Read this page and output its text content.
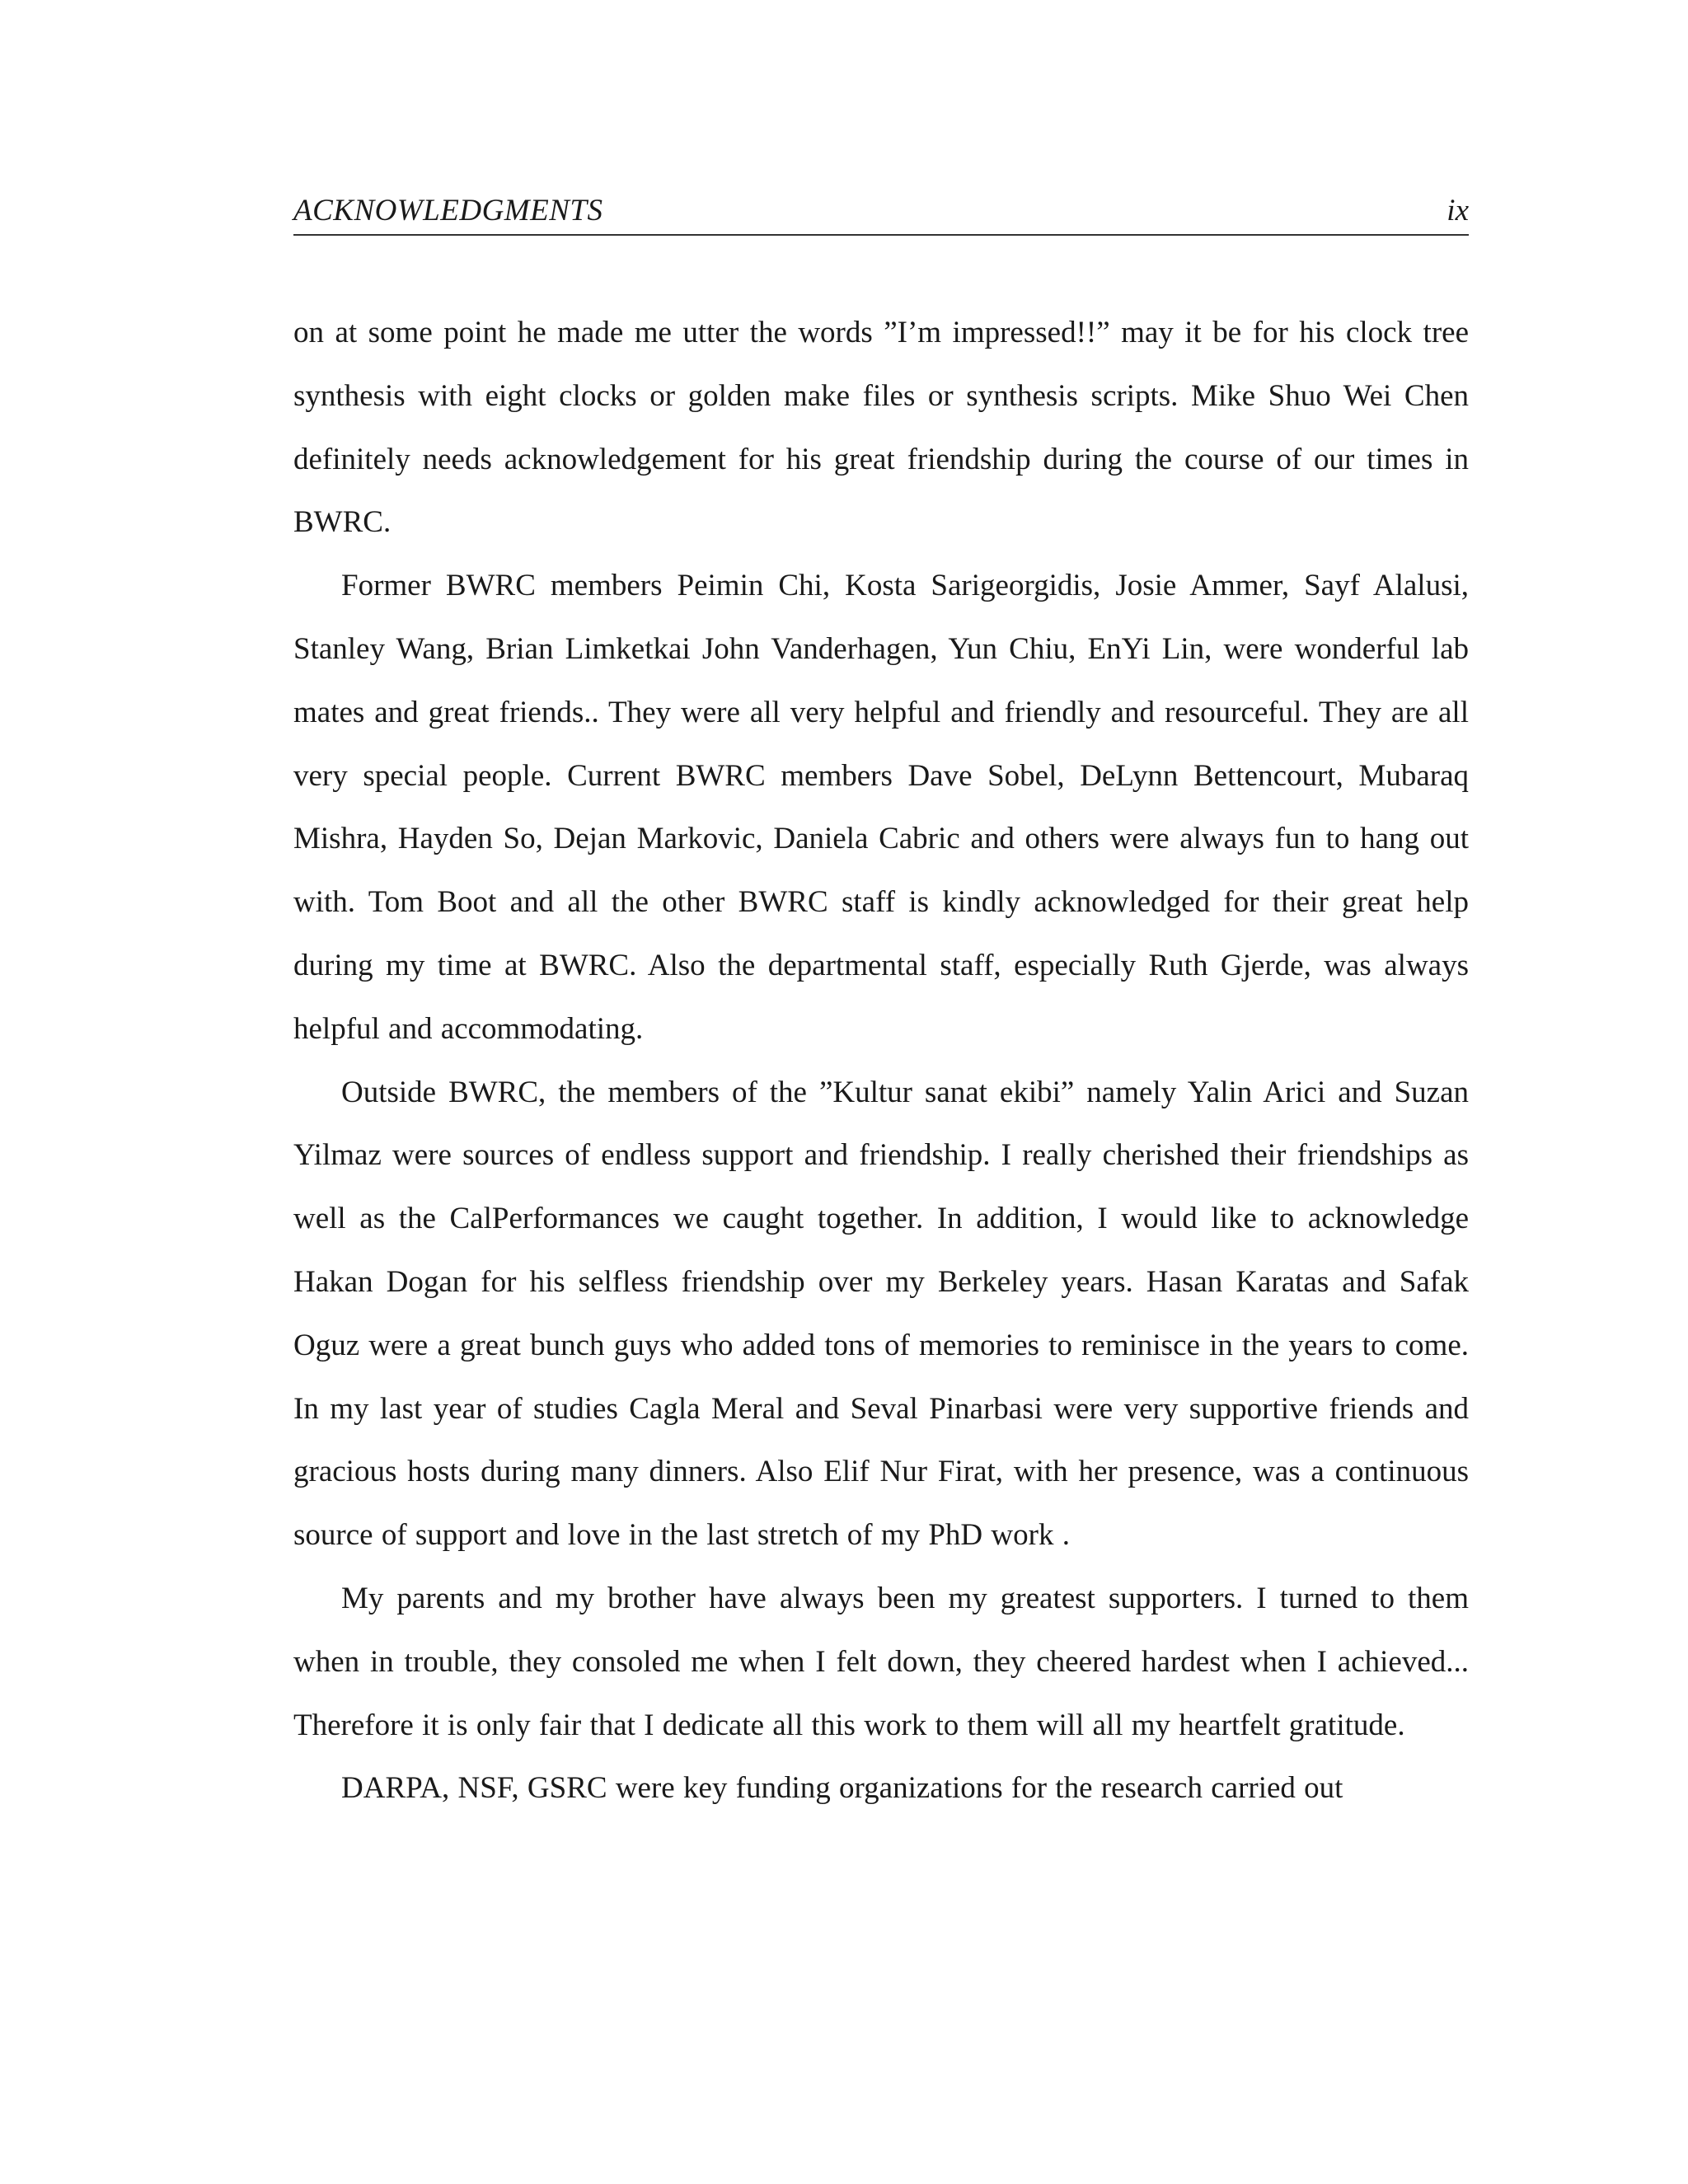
ACKNOWLEDGMENTS	ix

on at some point he made me utter the words ”I’m impressed!!” may it be for his clock tree synthesis with eight clocks or golden make files or synthesis scripts. Mike Shuo Wei Chen definitely needs acknowledgement for his great friendship during the course of our times in BWRC.

Former BWRC members Peimin Chi, Kosta Sarigeorgidis, Josie Ammer, Sayf Alalusi, Stanley Wang, Brian Limketkai John Vanderhagen, Yun Chiu, EnYi Lin, were wonderful lab mates and great friends.. They were all very helpful and friendly and resourceful. They are all very special people. Current BWRC members Dave Sobel, DeLynn Bettencourt, Mubaraq Mishra, Hayden So, Dejan Markovic, Daniela Cabric and others were always fun to hang out with. Tom Boot and all the other BWRC staff is kindly acknowledged for their great help during my time at BWRC. Also the departmental staff, especially Ruth Gjerde, was always helpful and accommodating.

Outside BWRC, the members of the ”Kultur sanat ekibi” namely Yalin Arici and Suzan Yilmaz were sources of endless support and friendship. I really cherished their friendships as well as the CalPerformances we caught together. In addition, I would like to acknowledge Hakan Dogan for his selfless friendship over my Berkeley years. Hasan Karatas and Safak Oguz were a great bunch guys who added tons of memories to reminisce in the years to come. In my last year of studies Cagla Meral and Seval Pinarbasi were very supportive friends and gracious hosts during many dinners. Also Elif Nur Firat, with her presence, was a continuous source of support and love in the last stretch of my PhD work .

My parents and my brother have always been my greatest supporters. I turned to them when in trouble, they consoled me when I felt down, they cheered hardest when I achieved... Therefore it is only fair that I dedicate all this work to them will all my heartfelt gratitude.

DARPA, NSF, GSRC were key funding organizations for the research carried out
